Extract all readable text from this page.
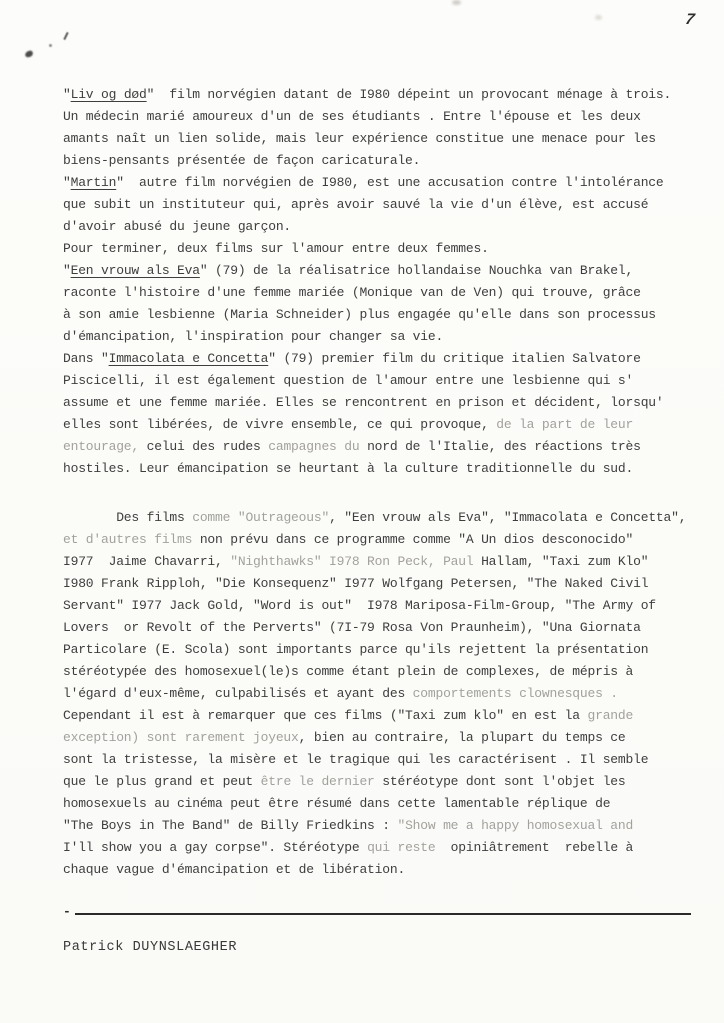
7
"Liv og død"  film norvégien datant de I980 dépeint un provocant ménage à trois.
Un médecin marié amoureux d'un de ses étudiants . Entre l'épouse et les deux
amants naît un lien solide, mais leur expérience constitue une menace pour les
biens-pensants présentée de façon caricaturale.
"Martin"  autre film norvégien de I980, est une accusation contre l'intolérance
que subit un instituteur qui, après avoir sauvé la vie d'un élève, est accusé
d'avoir abusé du jeune garçon.
Pour terminer, deux films sur l'amour entre deux femmes.
"Een vrouw als Eva" (79) de la réalisatrice hollandaise Nouchka van Brakel,
raconte l'histoire d'une femme mariée (Monique van de Ven) qui trouve, grâce
à son amie lesbienne (Maria Schneider) plus engagée qu'elle dans son processus
d'émancipation, l'inspiration pour changer sa vie.
Dans "Immacolata e Concetta" (79) premier film du critique italien Salvatore
Piscicelli, il est également question de l'amour entre une lesbienne qui s'
assume et une femme mariée. Elles se rencontrent en prison et décident, lorsqu'
elles sont libérées, de vivre ensemble, ce qui provoque, de la part de leur
entourage, celui des rudes campagnes du nord de l'Italie, des réactions très
hostiles. Leur émancipation se heurtant à la culture traditionnelle du sud.
Des films comme "Outrageous", "Een vrouw als Eva", "Immacolata e Concetta",
et d'autres films non prévu dans ce programme comme "A Un dios desconocido"
I977  Jaime Chavarri, "Nighthawks" I978 Ron Peck, Paul Hallam, "Taxi zum Klo"
I980 Frank Ripploh, "Die Konsequenz" I977 Wolfgang Petersen, "The Naked Civil
Servant" I977 Jack Gold, "Word is out"  I978 Mariposa-Film-Group, "The Army of
Lovers  or Revolt of the Perverts" (7I-79 Rosa Von Praunheim), "Una Giornata
Particolare (E. Scola) sont importants parce qu'ils rejettent la présentation
stéréotypée des homosexuel(le)s comme étant plein de complexes, de mépris à
l'égard d'eux-même, culpabilisés et ayant des comportements clownesques .
Cependant il est à remarquer que ces films ("Taxi zum klo" en est la grande
exception) sont rarement joyeux, bien au contraire, la plupart du temps ce
sont la tristesse, la misère et le tragique qui les caractérisent . Il semble
que le plus grand et peut être le dernier stéréotype dont sont l'objet les
homosexuels au cinéma peut être résumé dans cette lamentable réplique de
"The Boys in The Band" de Billy Friedkins : "Show me a happy homosexual and
I'll show you a gay corpse". Stéréotype qui reste  opiniâtrement  rebelle à
chaque vague d'émancipation et de libération.
-
Patrick DUYNSLAEGHER
